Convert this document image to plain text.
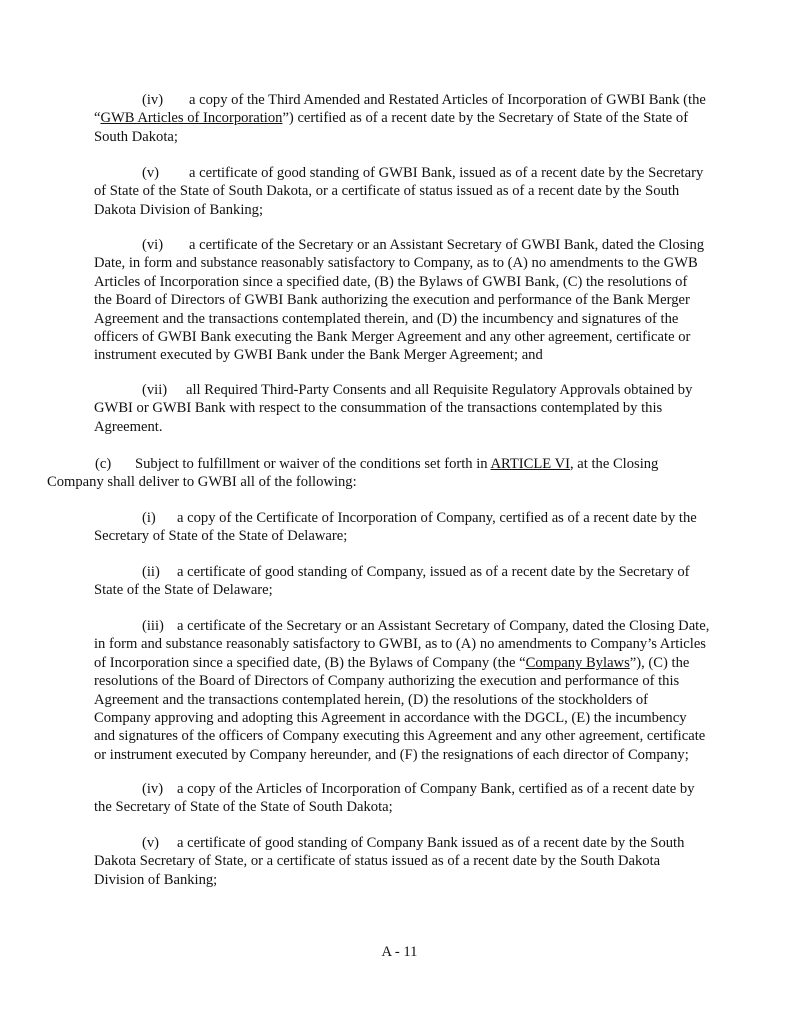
(iv) a copy of the Third Amended and Restated Articles of Incorporation of GWBI Bank (the
“GWB Articles of Incorporation”) certified as of a recent date by the Secretary of State of the State of
South Dakota;

(v) a certificate of good standing of GWBI Bank, issued as of a recent date by the Secretary
of State of the State of South Dakota, or a certificate of status issued as of a recent date by the South
Dakota Division of Banking;

(vi) a certificate of the Secretary or an Assistant Secretary of GWBI Bank, dated the Closing
Date, in form and substance reasonably satisfactory to Company, as to (A) no amendments to the GWB
Articles of Incorporation since a specified date, (B) the Bylaws of GWBI Bank, (C) the resolutions of
the Board of Directors of GWBI Bank authorizing the execution and performance of the Bank Merger
Agreement and the transactions contemplated therein, and (D) the incumbency and signatures of the
officers of GWBI Bank executing the Bank Merger Agreement and any other agreement, certificate or
instrument executed by GWBI Bank under the Bank Merger Agreement; and

(vii) all Required Third-Party Consents and all Requisite Regulatory Approvals obtained by
GWBI or GWBI Bank with respect to the consummation of the transactions contemplated by this
Agreement.

(c) Subject to fulfillment or waiver of the conditions set forth in ARTICLE VI, at the Closing
Company shall deliver to GWBI all of the following:

(i) a copy of the Certificate of Incorporation of Company, certified as of a recent date by the
Secretary of State of the State of Delaware;

(ii) a certificate of good standing of Company, issued as of a recent date by the Secretary of
State of the State of Delaware;

(iii) a certificate of the Secretary or an Assistant Secretary of Company, dated the Closing Date,
in form and substance reasonably satisfactory to GWBI, as to (A) no amendments to Company’s Articles
of Incorporation since a specified date, (B) the Bylaws of Company (the “Company Bylaws”), (C) the
resolutions of the Board of Directors of Company authorizing the execution and performance of this
Agreement and the transactions contemplated herein, (D) the resolutions of the stockholders of
Company approving and adopting this Agreement in accordance with the DGCL, (E) the incumbency
and signatures of the officers of Company executing this Agreement and any other agreement, certificate
or instrument executed by Company hereunder, and (F) the resignations of each director of Company;

(iv) a copy of the Articles of Incorporation of Company Bank, certified as of a recent date by
the Secretary of State of the State of South Dakota;

(v) a certificate of good standing of Company Bank issued as of a recent date by the South
Dakota Secretary of State, or a certificate of status issued as of a recent date by the South Dakota
Division of Banking;

A - 11
